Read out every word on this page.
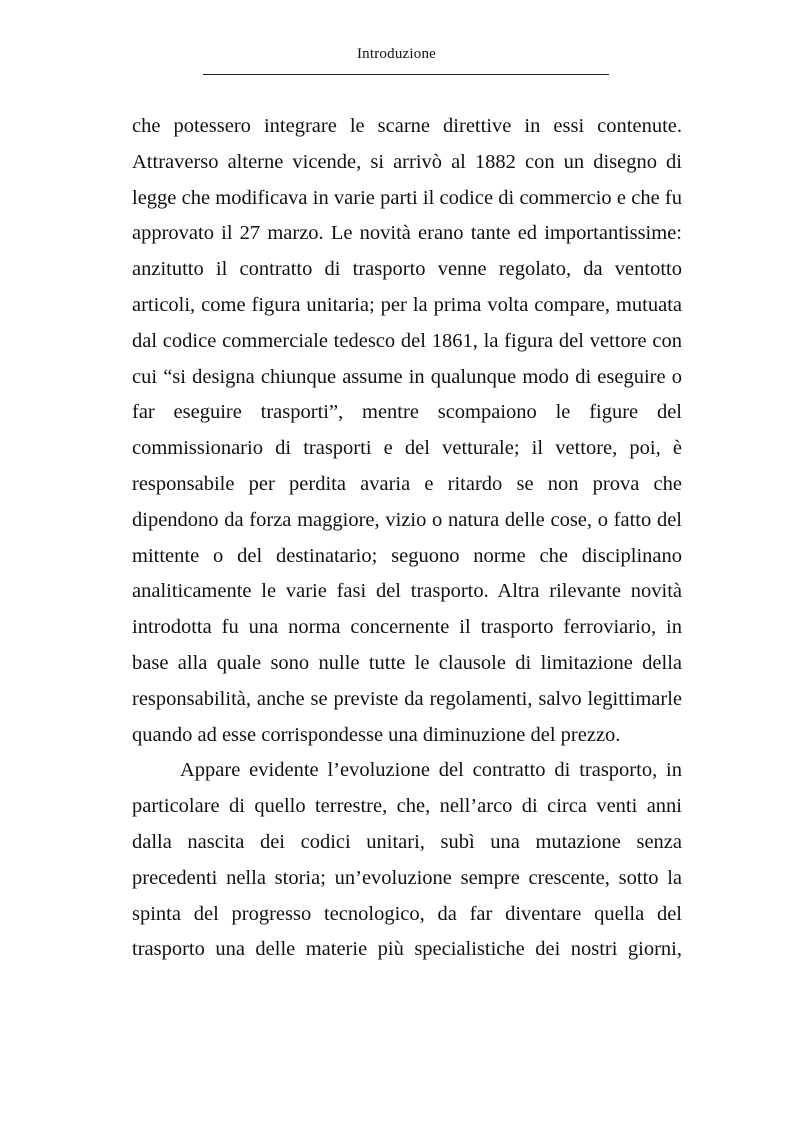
Introduzione
che potessero integrare le scarne direttive in essi contenute.
Attraverso alterne vicende, si arrivò al 1882 con un disegno di
legge che modificava in varie parti il codice di commercio e che fu
approvato il 27 marzo. Le novità erano tante ed importantissime:
anzitutto il contratto di trasporto venne regolato, da ventotto
articoli, come figura unitaria; per la prima volta compare, mutuata
dal codice commerciale tedesco del 1861, la figura del vettore con
cui “si designa chiunque assume in qualunque modo di eseguire o
far eseguire trasporti”, mentre scompaiono le figure del
commissionario di trasporti e del vetturale; il vettore, poi, è
responsabile per perdita avaria e ritardo se non prova che
dipendono da forza maggiore, vizio o natura delle cose, o fatto del
mittente o del destinatario; seguono norme che disciplinano
analiticamente le varie fasi del trasporto. Altra rilevante novità
introdotta fu una norma concernente il trasporto ferroviario, in
base alla quale sono nulle tutte le clausole di limitazione della
responsabilità, anche se previste da regolamenti, salvo legittimarle
quando ad esse corrispondesse una diminuzione del prezzo.
Appare evidente l’evoluzione del contratto di trasporto, in
particolare di quello terrestre, che, nell’arco di circa venti anni
dalla nascita dei codici unitari, subì una mutazione senza
precedenti nella storia; un’evoluzione sempre crescente, sotto la
spinta del progresso tecnologico, da far diventare quella del
trasporto una delle materie più specialistiche dei nostri giorni,
